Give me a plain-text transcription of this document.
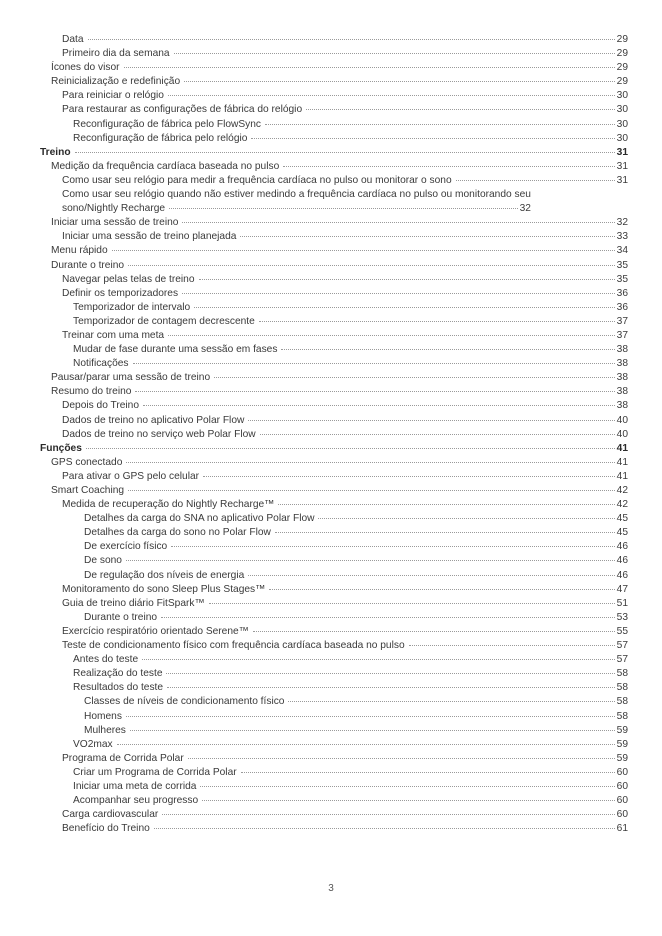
Data	29
Primeiro dia da semana	29
Ícones do visor	29
Reinicialização e redefinição	29
Para reiniciar o relógio	30
Para restaurar as configurações de fábrica do relógio	30
Reconfiguração de fábrica pelo FlowSync	30
Reconfiguração de fábrica pelo relógio	30
Treino	31
Medição da frequência cardíaca baseada no pulso	31
Como usar seu relógio para medir a frequência cardíaca no pulso ou monitorar o sono	31
Como usar seu relógio quando não estiver medindo a frequência cardíaca no pulso ou monitorando seu
sono/Nightly Recharge	32
Iniciar uma sessão de treino	32
Iniciar uma sessão de treino planejada	33
Menu rápido	34
Durante o treino	35
Navegar pelas telas de treino	35
Definir os temporizadores	36
Temporizador de intervalo	36
Temporizador de contagem decrescente	37
Treinar com uma meta	37
Mudar de fase durante uma sessão em fases	38
Notificações	38
Pausar/parar uma sessão de treino	38
Resumo do treino	38
Depois do Treino	38
Dados de treino no aplicativo Polar Flow	40
Dados de treino no serviço web Polar Flow	40
Funções	41
GPS conectado	41
Para ativar o GPS pelo celular	41
Smart Coaching	42
Medida de recuperação do Nightly Recharge™	42
Detalhes da carga do SNA no aplicativo Polar Flow	45
Detalhes da carga do sono no Polar Flow	45
De exercício físico	46
De sono	46
De regulação dos níveis de energia	46
Monitoramento do sono Sleep Plus Stages™	47
Guia de treino diário FitSpark™	51
Durante o treino	53
Exercício respiratório orientado Serene™	55
Teste de condicionamento físico com frequência cardíaca baseada no pulso	57
Antes do teste	57
Realização do teste	58
Resultados do teste	58
Classes de níveis de condicionamento físico	58
Homens	58
Mulheres	59
VO2max	59
Programa de Corrida Polar	59
Criar um Programa de Corrida Polar	60
Iniciar uma meta de corrida	60
Acompanhar seu progresso	60
Carga cardiovascular	60
Benefício do Treino	61
3
